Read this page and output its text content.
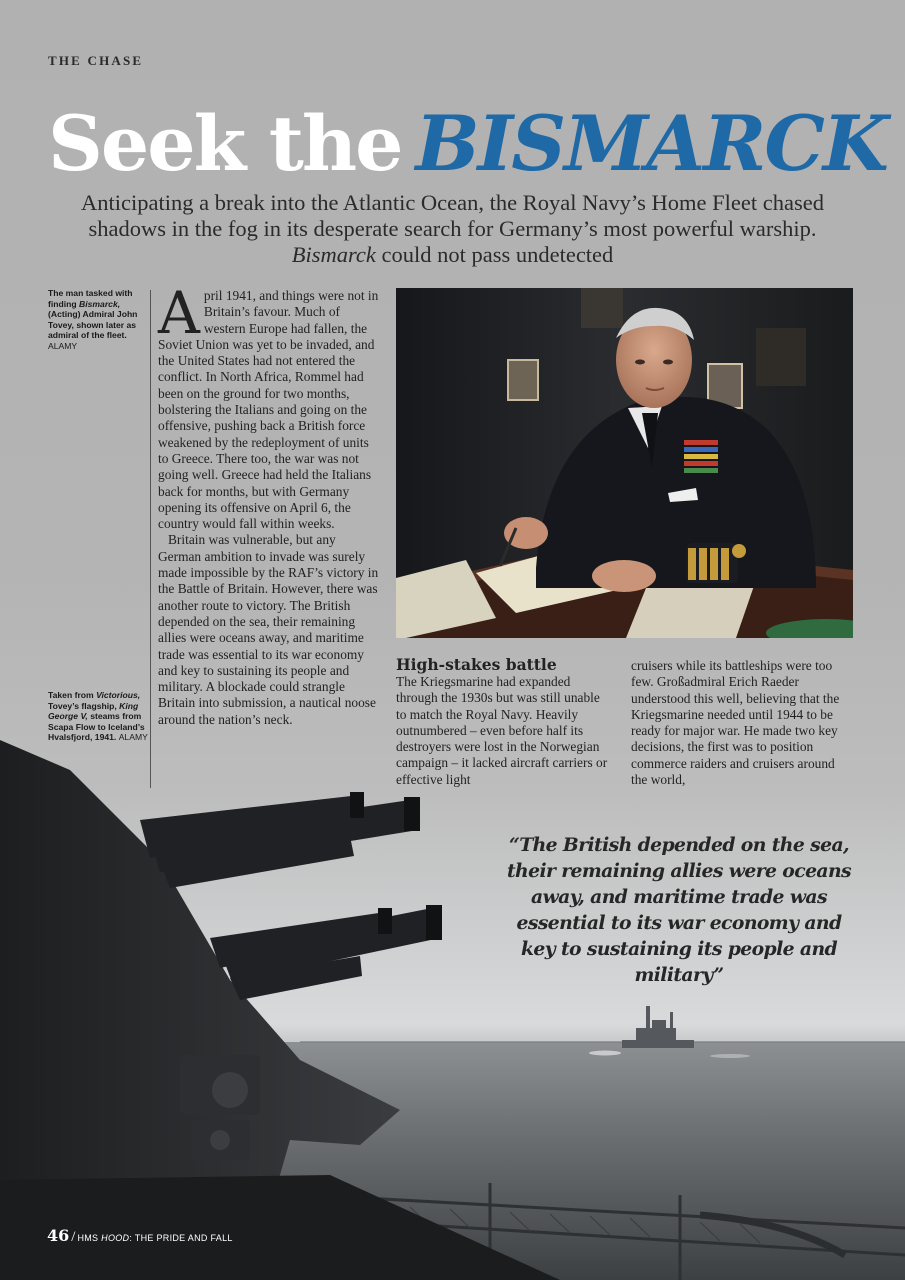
THE CHASE
Seek the BISMARCK
Anticipating a break into the Atlantic Ocean, the Royal Navy’s Home Fleet chased
shadows in the fog in its desperate search for Germany’s most powerful warship.
Bismarck could not pass undetected
The man tasked with
finding Bismarck,
(Acting) Admiral John
Tovey, shown later as
admiral of the fleet.
ALAMY
Taken from Victorious,
Tovey’s flagship, King
George V, steams from
Scapa Flow to Iceland’s
Hvalsfjord, 1941. ALAMY

April 1941, and things were not in Britain’s favour. Much of western Europe had fallen, the Soviet Union was yet to be invaded, and the United States had not entered the conflict. In North Africa, Rommel had been on the ground for two months, bolstering the Italians and going on the offensive, pushing back a British force weakened by the redeployment of units to Greece. There too, the war was not going well. Greece had held the Italians back for months, but with Germany opening its offensive on April 6, the country would fall within weeks.

Britain was vulnerable, but any German ambition to invade was surely made impossible by the RAF’s victory in the Battle of Britain. However, there was another route to victory. The British depended on the sea, their remaining allies were oceans away, and maritime trade was essential to its war economy and key to sustaining its people and military. A blockade could strangle Britain into submission, a nautical noose around the nation’s neck.

High-stakes battle

The Kriegsmarine had expanded through the 1930s but was still unable to match the Royal Navy. Heavily outnumbered – even before half its destroyers were lost in the Norwegian campaign – it lacked aircraft carriers or effective light

cruisers while its battleships were too few. Großadmiral Erich Raeder understood this well, believing that the Kriegsmarine needed until 1944 to be ready for major war. He made two key decisions, the first was to position commerce raiders and cruisers around the world,

“The British depended on the sea, their remaining allies were oceans away, and maritime trade was essential to its war economy and key to sustaining its people and military”
46 / HMS HOOD: THE PRIDE AND FALL
